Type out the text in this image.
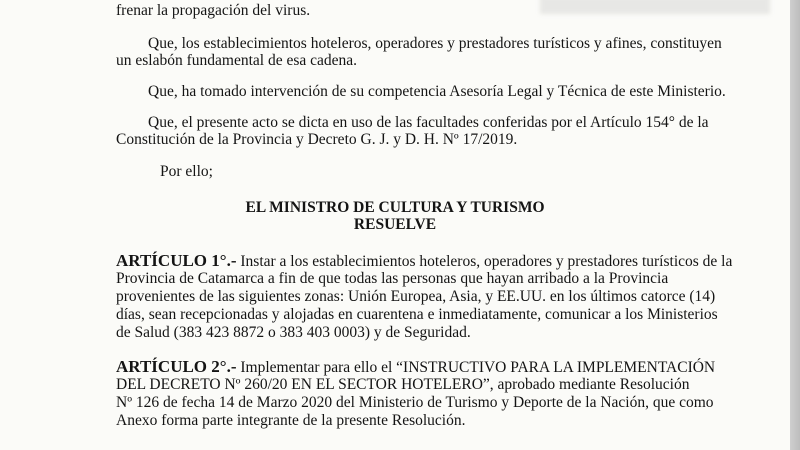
frenar la propagación del virus.
Que, los establecimientos hoteleros, operadores y prestadores turísticos y afines, constituyen
un eslabón fundamental de esa cadena.
Que, ha tomado intervención de su competencia Asesoría Legal y Técnica de este Ministerio.
Que, el presente acto se dicta en uso de las facultades conferidas por el Artículo 154° de la
Constitución de la Provincia y Decreto G. J. y D. H. Nº 17/2019.
Por ello;
EL MINISTRO DE CULTURA Y TURISMO
RESUELVE
ARTÍCULO 1°.- Instar a los establecimientos hoteleros, operadores y prestadores turísticos de la
Provincia de Catamarca a fin de que todas las personas que hayan arribado a la Provincia
provenientes de las siguientes zonas: Unión Europea, Asia, y EE.UU. en los últimos catorce (14)
días, sean recepcionadas y alojadas en cuarentena e inmediatamente, comunicar a los Ministerios
de Salud (383 423 8872 o 383 403 0003) y de Seguridad.
ARTÍCULO 2°.- Implementar para ello el “INSTRUCTIVO PARA LA IMPLEMENTACIÓN
DEL DECRETO Nº 260/20 EN EL SECTOR HOTELERO”, aprobado mediante Resolución
Nº 126 de fecha 14 de Marzo 2020 del Ministerio de Turismo y Deporte de la Nación, que como
Anexo forma parte integrante de la presente Resolución.
